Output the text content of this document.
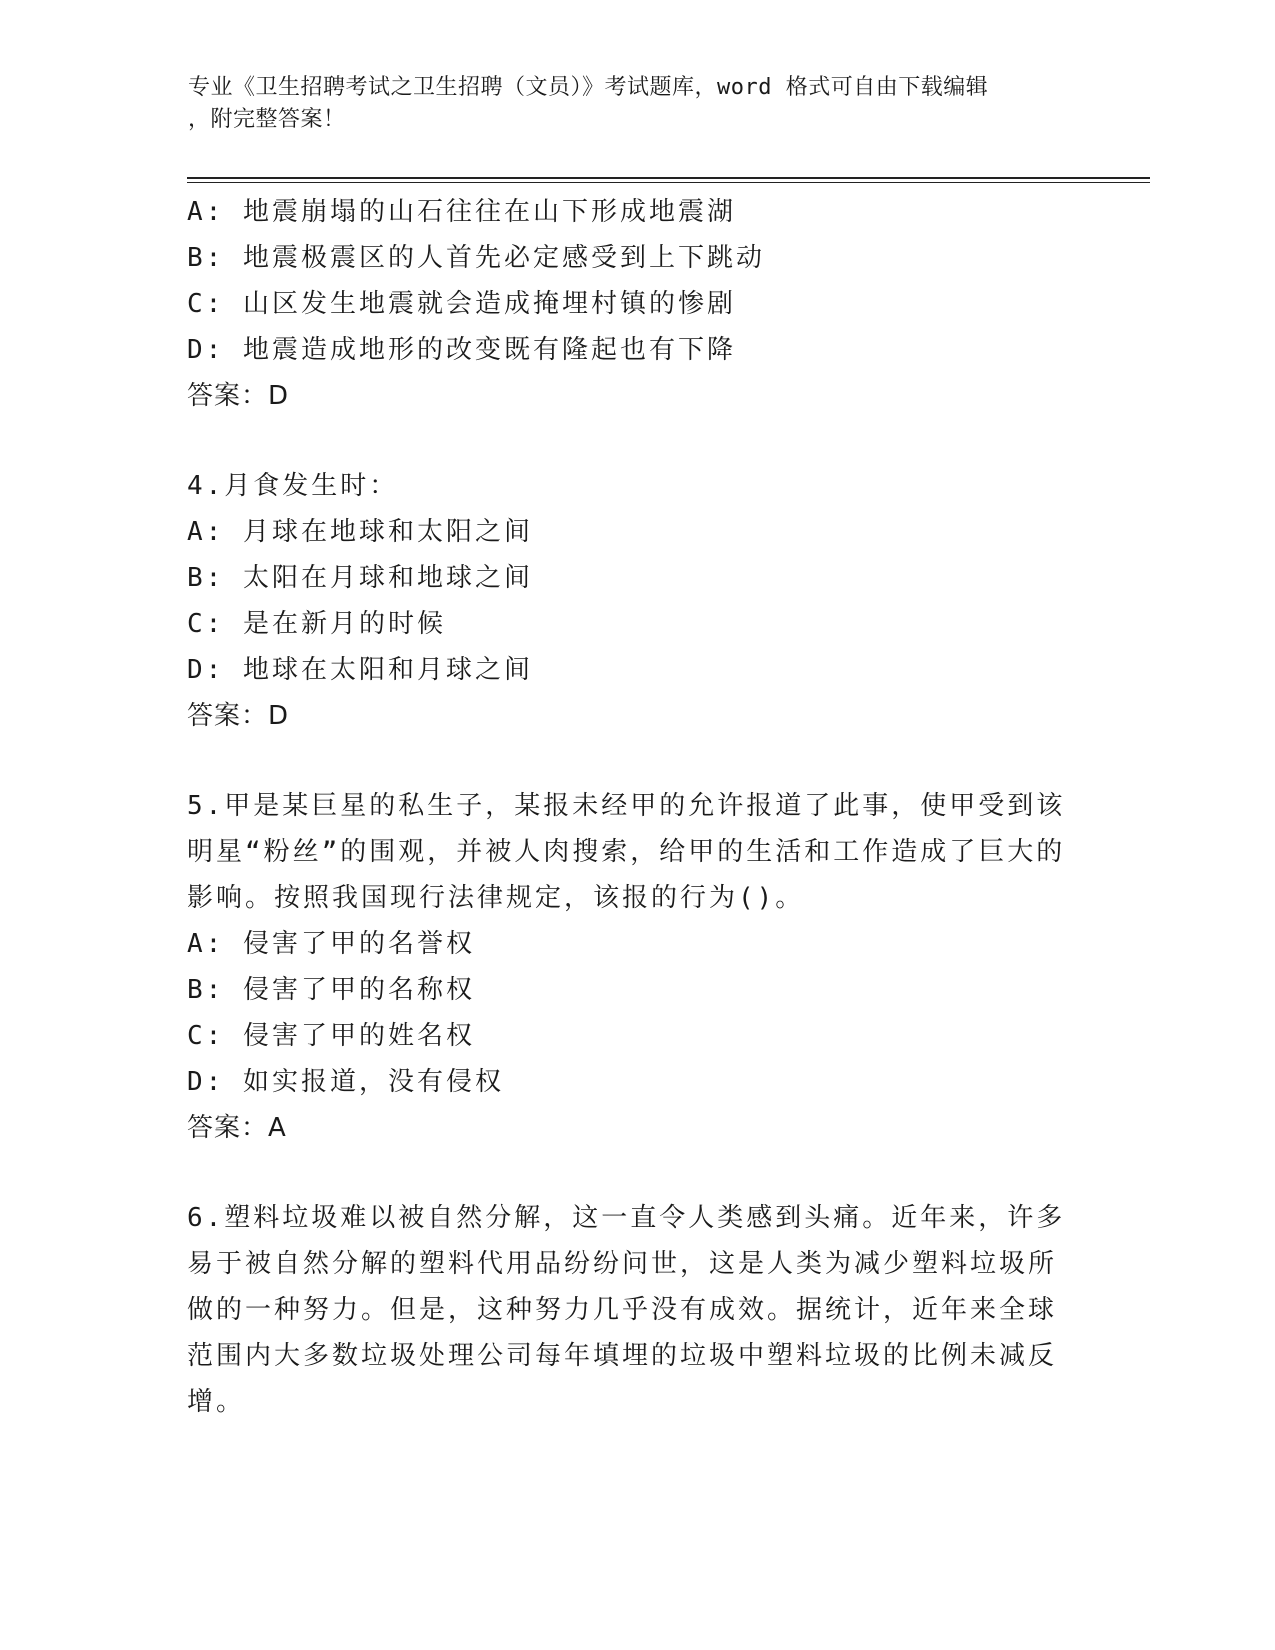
专业《卫生招聘考试之卫生招聘（文员）》考试题库，word 格式可自由下载编辑
，附完整答案！
A: 地震崩塌的山石往往在山下形成地震湖
B: 地震极震区的人首先必定感受到上下跳动
C: 山区发生地震就会造成掩埋村镇的惨剧
D: 地震造成地形的改变既有隆起也有下降
答案：D
4.月食发生时：
A: 月球在地球和太阳之间
B: 太阳在月球和地球之间
C: 是在新月的时候
D: 地球在太阳和月球之间
答案：D
5.甲是某巨星的私生子，某报未经甲的允许报道了此事，使甲受到该明星“粉丝”的围观，并被人肉搜索，给甲的生活和工作造成了巨大的影响。按照我国现行法律规定，该报的行为()。
A: 侵害了甲的名誉权
B: 侵害了甲的名称权
C: 侵害了甲的姓名权
D: 如实报道，没有侵权
答案：A
6.塑料垃圾难以被自然分解，这一直令人类感到头痛。近年来，许多易于被自然分解的塑料代用品纷纷问世，这是人类为减少塑料垃圾所做的一种努力。但是，这种努力几乎没有成效。据统计，近年来全球范围内大多数垃圾处理公司每年填埋的垃圾中塑料垃圾的比例未减反增。
